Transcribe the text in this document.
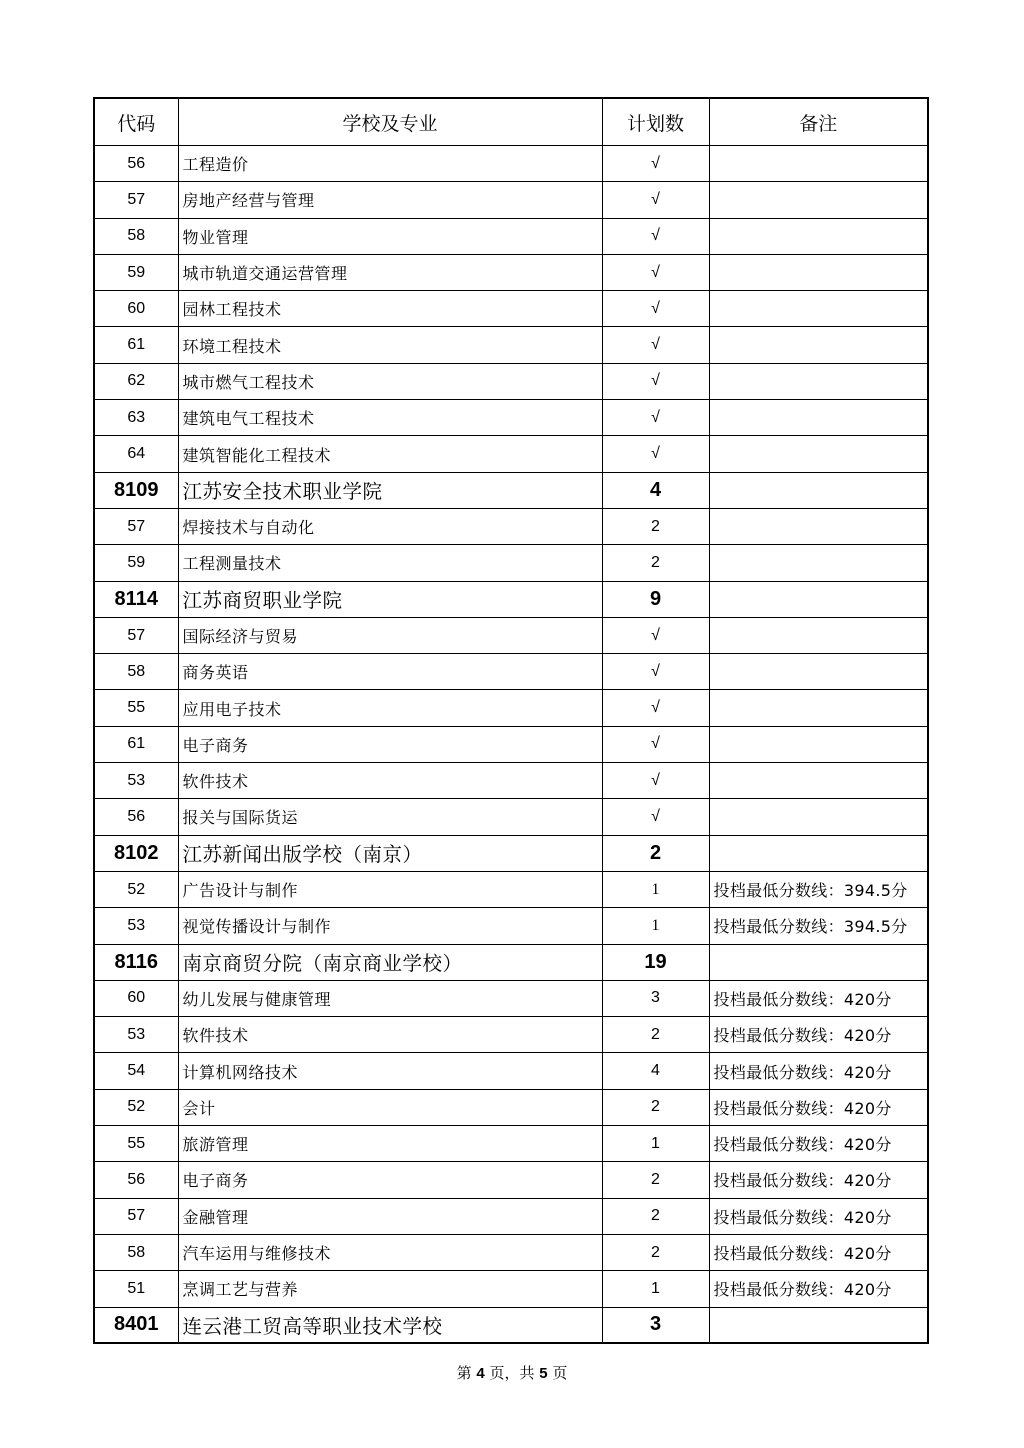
代码	学校及专业	计划数	备注
56	工程造价	√	
57	房地产经营与管理	√	
58	物业管理	√	
59	城市轨道交通运营管理	√	
60	园林工程技术	√	
61	环境工程技术	√	
62	城市燃气工程技术	√	
63	建筑电气工程技术	√	
64	建筑智能化工程技术	√	
8109	江苏安全技术职业学院	4	
57	焊接技术与自动化	2	
59	工程测量技术	2	
8114	江苏商贸职业学院	9	
57	国际经济与贸易	√	
58	商务英语	√	
55	应用电子技术	√	
61	电子商务	√	
53	软件技术	√	
56	报关与国际货运	√	
8102	江苏新闻出版学校（南京）	2	
52	广告设计与制作	1	投档最低分数线：394.5分
53	视觉传播设计与制作	1	投档最低分数线：394.5分
8116	南京商贸分院（南京商业学校）	19	
60	幼儿发展与健康管理	3	投档最低分数线：420分
53	软件技术	2	投档最低分数线：420分
54	计算机网络技术	4	投档最低分数线：420分
52	会计	2	投档最低分数线：420分
55	旅游管理	1	投档最低分数线：420分
56	电子商务	2	投档最低分数线：420分
57	金融管理	2	投档最低分数线：420分
58	汽车运用与维修技术	2	投档最低分数线：420分
51	烹调工艺与营养	1	投档最低分数线：420分
8401	连云港工贸高等职业技术学校	3	
第 4 页，共 5 页
